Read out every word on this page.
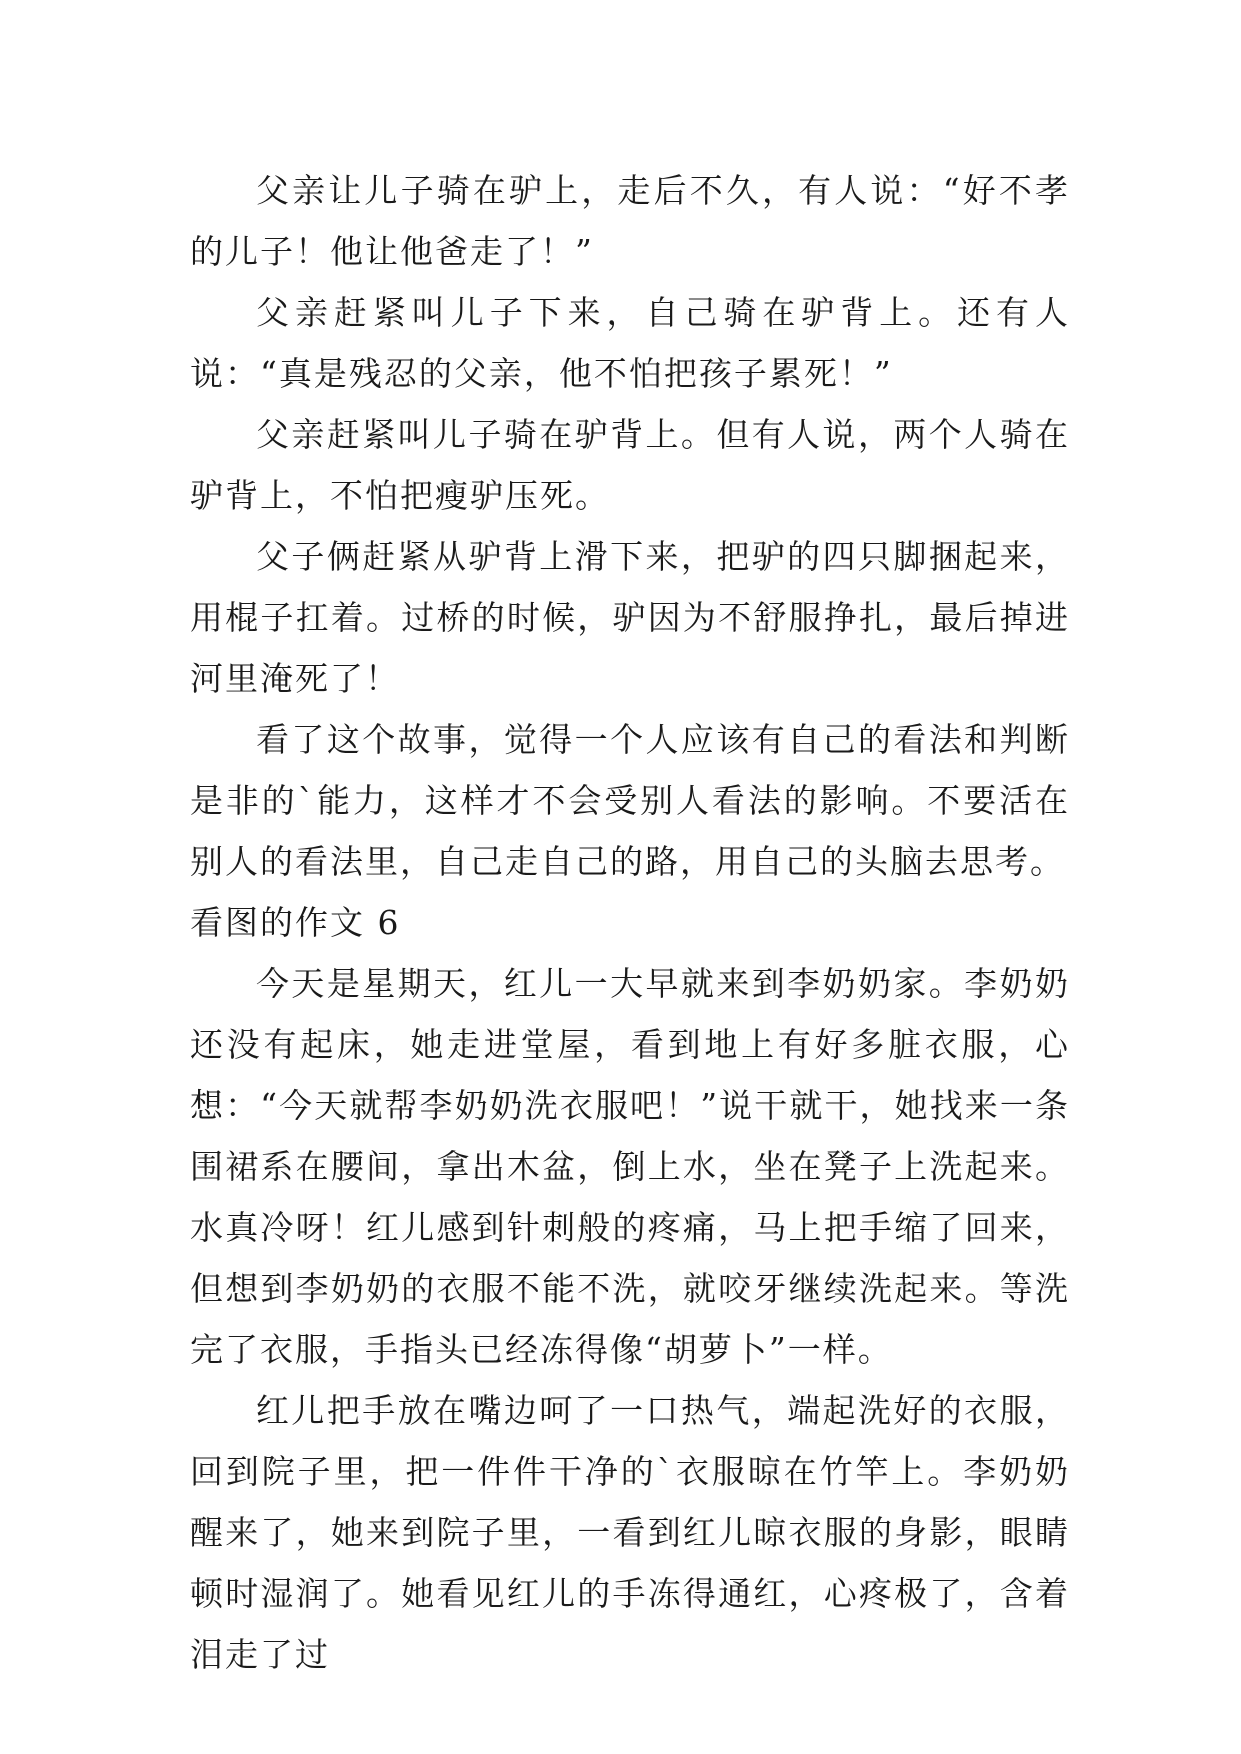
父亲让儿子骑在驴上，走后不久，有人说：“好不孝的儿子！他让他爸走了！”

父亲赶紧叫儿子下来，自己骑在驴背上。还有人说：“真是残忍的父亲，他不怕把孩子累死！”

父亲赶紧叫儿子骑在驴背上。但有人说，两个人骑在驴背上，不怕把瘦驴压死。

父子俩赶紧从驴背上滑下来，把驴的四只脚捆起来，用棍子扛着。过桥的时候，驴因为不舒服挣扎，最后掉进河里淹死了！

看了这个故事，觉得一个人应该有自己的看法和判断是非的`能力，这样才不会受别人看法的影响。不要活在别人的看法里，自己走自己的路，用自己的头脑去思考。

看图的作文 6

今天是星期天，红儿一大早就来到李奶奶家。李奶奶还没有起床，她走进堂屋，看到地上有好多脏衣服，心想：“今天就帮李奶奶洗衣服吧！”说干就干，她找来一条围裙系在腰间，拿出木盆，倒上水，坐在凳子上洗起来。水真冷呀！红儿感到针刺般的疼痛，马上把手缩了回来，但想到李奶奶的衣服不能不洗，就咬牙继续洗起来。等洗完了衣服，手指头已经冻得像“胡萝卜”一样。

红儿把手放在嘴边呵了一口热气，端起洗好的衣服，回到院子里，把一件件干净的`衣服晾在竹竿上。李奶奶醒来了，她来到院子里，一看到红儿晾衣服的身影，眼睛顿时湿润了。她看见红儿的手冻得通红，心疼极了，含着泪走了过
